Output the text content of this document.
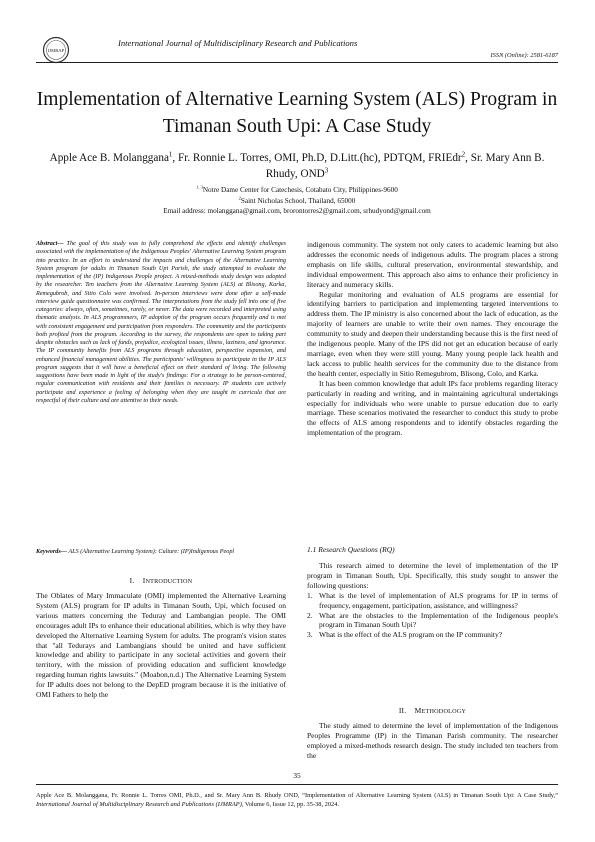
IJMRAP
International Journal of Multidisciplinary Research and Publications
ISSN (Online): 2581-6187
Implementation of Alternative Learning System (ALS) Program in Timanan South Upi: A Case Study
Apple Ace B. Molanggana$^1$, Fr. Ronnie L. Torres, OMI, Ph.D, D.Litt.(hc), PDTQM, FRIEdr$^2$, Sr. Mary Ann B. Rhudy, OND$^3$
$^{1, 3}$Notre Dame Center for Catechesis, Cotabato City, Philippines-9600
$^2$Saint Nicholas School, Thailand, 65000
Email address: molanggana@gmail.com, brorontorres2@gmail.com, srhudyond@gmail.com
Abstract— The goal of this study was to fully comprehend the effects and identify challenges associated with the implementation of the Indigenous Peoples' Alternative Learning System program into practice. In an effort to understand the impacts and challenges of the Alternative Learning System program for adults in Timanan South Upi Parish, the study attempted to evaluate the implementation of the (IP) Indigenous People project. A mixed-methods study design was adopted by the researcher. Ten teachers from the Alternative Learning System (ALS) at Blisong, Karka, Remegubrob, and Sitio Colo were involved. In-person interviews were done after a self-made interview guide questionnaire was confirmed. The interpretations from the study fell into one of five categories: always, often, sometimes, rarely, or never. The data were recorded and interpreted using thematic analysis. In ALS programmers, IP adoption of the program occurs frequently and is met with consistent engagement and participation from responders. The community and the participants both profited from the program. According to the survey, the respondents are open to taking part despite obstacles such as lack of funds, prejudice, ecological issues, illness, laziness, and ignorance. The IP community benefits from ALS programs through education, perspective expansion, and enhanced financial management abilities. The participants' willingness to participate in the IP ALS program suggests that it will have a beneficial effect on their standard of living. The following suggestions have been made in light of the study's findings: For a strategy to be person-centered, regular communication with residents and their families is necessary. IP students can actively participate and experience a feeling of belonging when they are taught in curricula that are respectful of their culture and are attentive to their needs.
Keywords— ALS (Alternative Learning System): Culture: (IP)Indigenous Peopl
I. INTRODUCTION
The Oblates of Mary Immaculate (OMI) implemented the Alternative Learning System (ALS) program for IP adults in Timanan South, Upi, which focused on various matters concerning the Teduray and Lambangian people. The OMI encourages adult IPs to enhance their educational abilities, which is why they have developed the Alternative Learning System for adults. The program's vision states that "all Tedurays and Lambangians should be united and have sufficient knowledge and ability to participate in any societal activities and govern their territory, with the mission of providing education and sufficient knowledge regarding human rights lawsuits." (Moabon,n.d.) The Alternative Learning System for IP adults does not belong to the DepED program because it is the initiative of OMI Fathers to help the

indigenous community. The system not only caters to academic learning but also addresses the economic needs of indigenous adults. The program places a strong emphasis on life skills, cultural preservation, environmental stewardship, and individual empowerment. This approach also aims to enhance their proficiency in literacy and numeracy skills.

Regular monitoring and evaluation of ALS programs are essential for identifying barriers to participation and implementing targeted interventions to address them. The IP ministry is also concerned about the lack of education, as the majority of learners are unable to write their own names. They encourage the community to study and deepen their understanding because this is the first need of the indigenous people. Many of the IPS did not get an education because of early marriage, even when they were still young. Many young people lack health and lack access to public health services for the community due to the distance from the health center, especially in Sitio Remegubrom, Blisong, Colo, and Karka.

It has been common knowledge that adult IPs face problems regarding literacy particularly in reading and writing, and in maintaining agricultural undertakings especially for individuals who were unable to pursue education due to early marriage. These scenarios motivated the researcher to conduct this study to probe the effects of ALS among respondents and to identify obstacles regarding the implementation of the program.

1.1 Research Questions (RQ)

This research aimed to determine the level of implementation of the IP program in Timanan South, Upi. Specifically, this study sought to answer the following questions:

1. What is the level of implementation of ALS programs for IP in terms of frequency, engagement, participation, assistance, and willingness?
2. What are the obstacles to the Implementation of the Indigenous people's program in Timanan South Upi?
3. What is the effect of the ALS program on the IP community?
II. METHODOLOGY

The study aimed to determine the level of implementation of the Indigenous Peoples Programme (IP) in the Timanan Parish community. The researcher employed a mixed-methods research design. The study included ten teachers from the

35
Apple Ace B. Molanggana, Fr. Ronnie L. Torres OMI, Ph.D., and Sr. Mary Ann B. Rhudy OND, “Implementation of Alternative Learning System (ALS) in Timanan South Upi: A Case Study,” International Journal of Multidisciplinary Research and Publications (IJMRAP), Volume 6, Issue 12, pp. 35-38, 2024.
